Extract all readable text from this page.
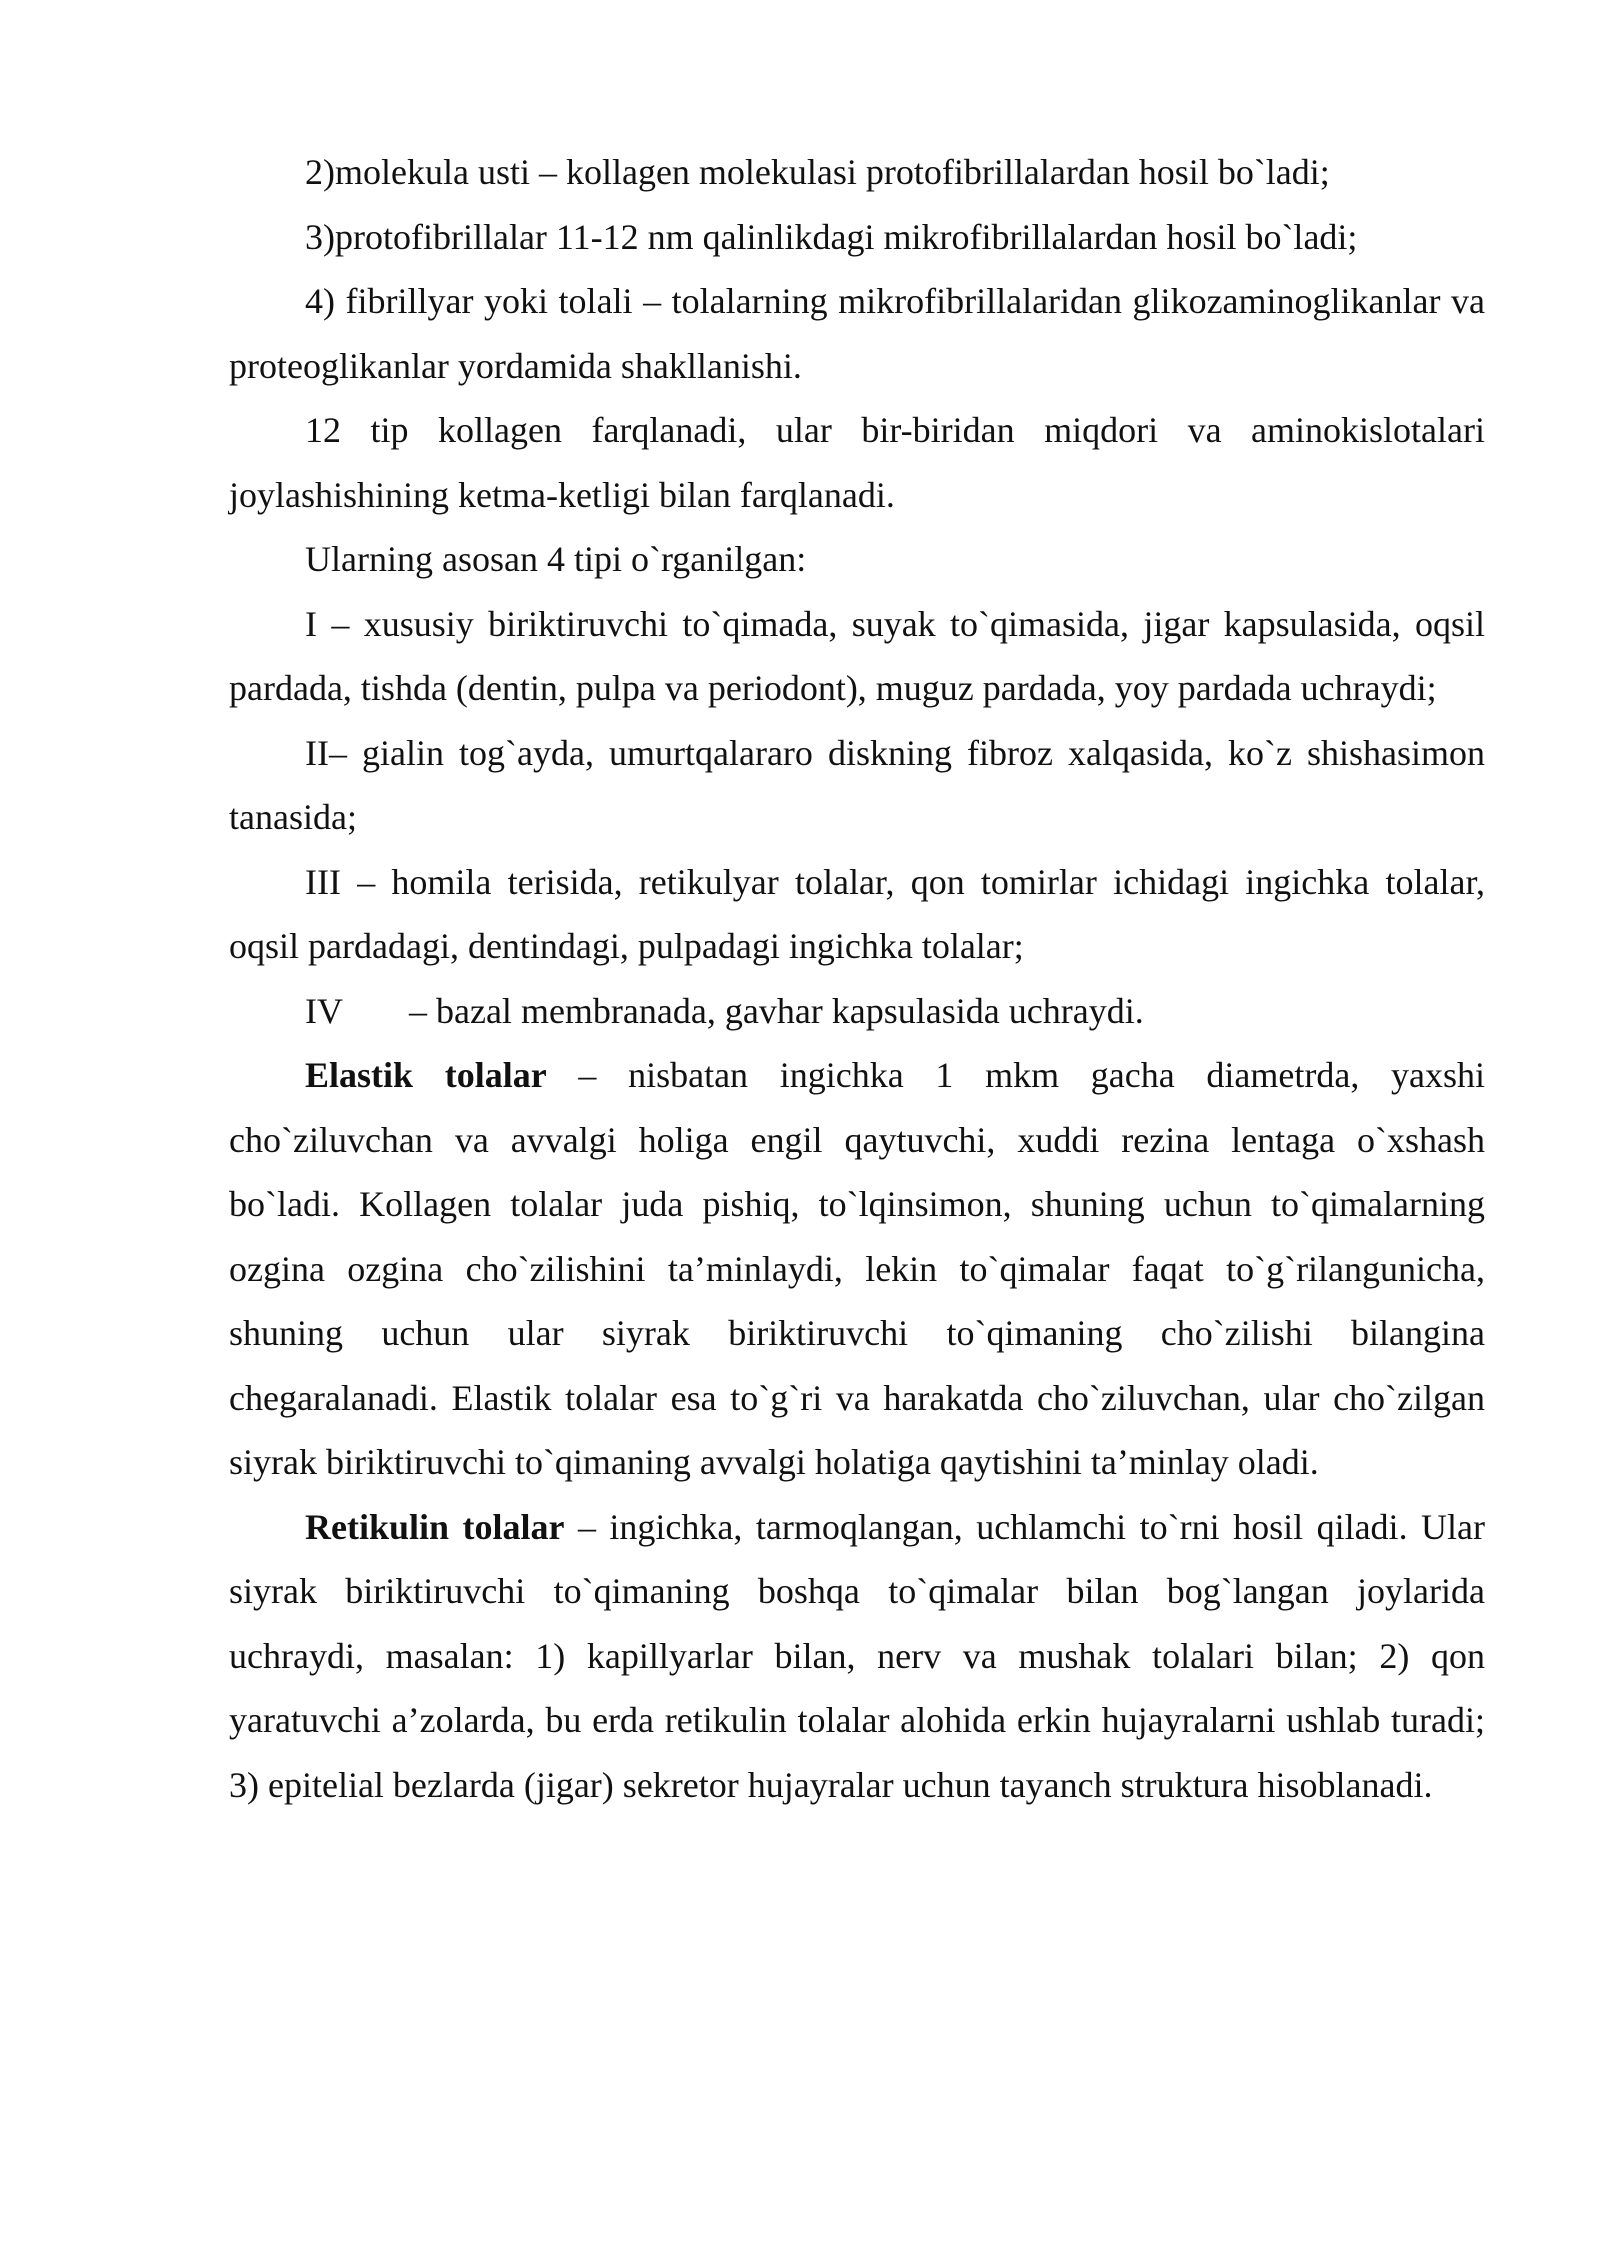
2)molekula usti – kollagen molekulasi protofibrillalardan hosil bo`ladi;

3)protofibrillalar 11-12 nm qalinlikdagi mikrofibrillalardan hosil bo`ladi;

4) fibrillyar yoki tolali – tolalarning mikrofibrillalaridan glikozaminoglikanlar va proteoglikanlar yordamida shakllanishi.

12 tip kollagen farqlanadi, ular bir-biridan miqdori va aminokislotalari joylashishining ketma-ketligi bilan farqlanadi.

Ularning asosan 4 tipi o`rganilgan:

I – xususiy biriktiruvchi to`qimada, suyak to`qimasida, jigar kapsulasida, oqsil pardada, tishda (dentin, pulpa va periodont), muguz pardada, yoy pardada uchraydi;

II– gialin tog`ayda, umurtqalararo diskning fibroz xalqasida, ko`z shishasimon tanasida;

III – homila terisida, retikulyar tolalar, qon tomirlar ichidagi ingichka tolalar, oqsil pardadagi, dentindagi, pulpadagi ingichka tolalar;

IV – bazal membranada, gavhar kapsulasida uchraydi.

Elastik tolalar – nisbatan ingichka 1 mkm gacha diametrda, yaxshi cho`ziluvchan va avvalgi holiga engil qaytuvchi, xuddi rezina lentaga o`xshash bo`ladi. Kollagen tolalar juda pishiq, to`lqinsimon, shuning uchun to`qimalarning ozgina ozgina cho`zilishini ta’minlaydi, lekin to`qimalar faqat to`g`rilangunicha, shuning uchun ular siyrak biriktiruvchi to`qimaning cho`zilishi bilangina chegaralanadi. Elastik tolalar esa to`g`ri va harakatda cho`ziluvchan, ular cho`zilgan siyrak biriktiruvchi to`qimaning avvalgi holatiga qaytishini ta’minlay oladi.

Retikulin tolalar – ingichka, tarmoqlangan, uchlamchi to`rni hosil qiladi. Ular siyrak biriktiruvchi to`qimaning boshqa to`qimalar bilan bog`langan joylarida uchraydi, masalan: 1) kapillyarlar bilan, nerv va mushak tolalari bilan; 2) qon yaratuvchi a’zolarda, bu erda retikulin tolalar alohida erkin hujayralarni ushlab turadi; 3) epitelial bezlarda (jigar) sekretor hujayralar uchun tayanch struktura hisoblanadi.
